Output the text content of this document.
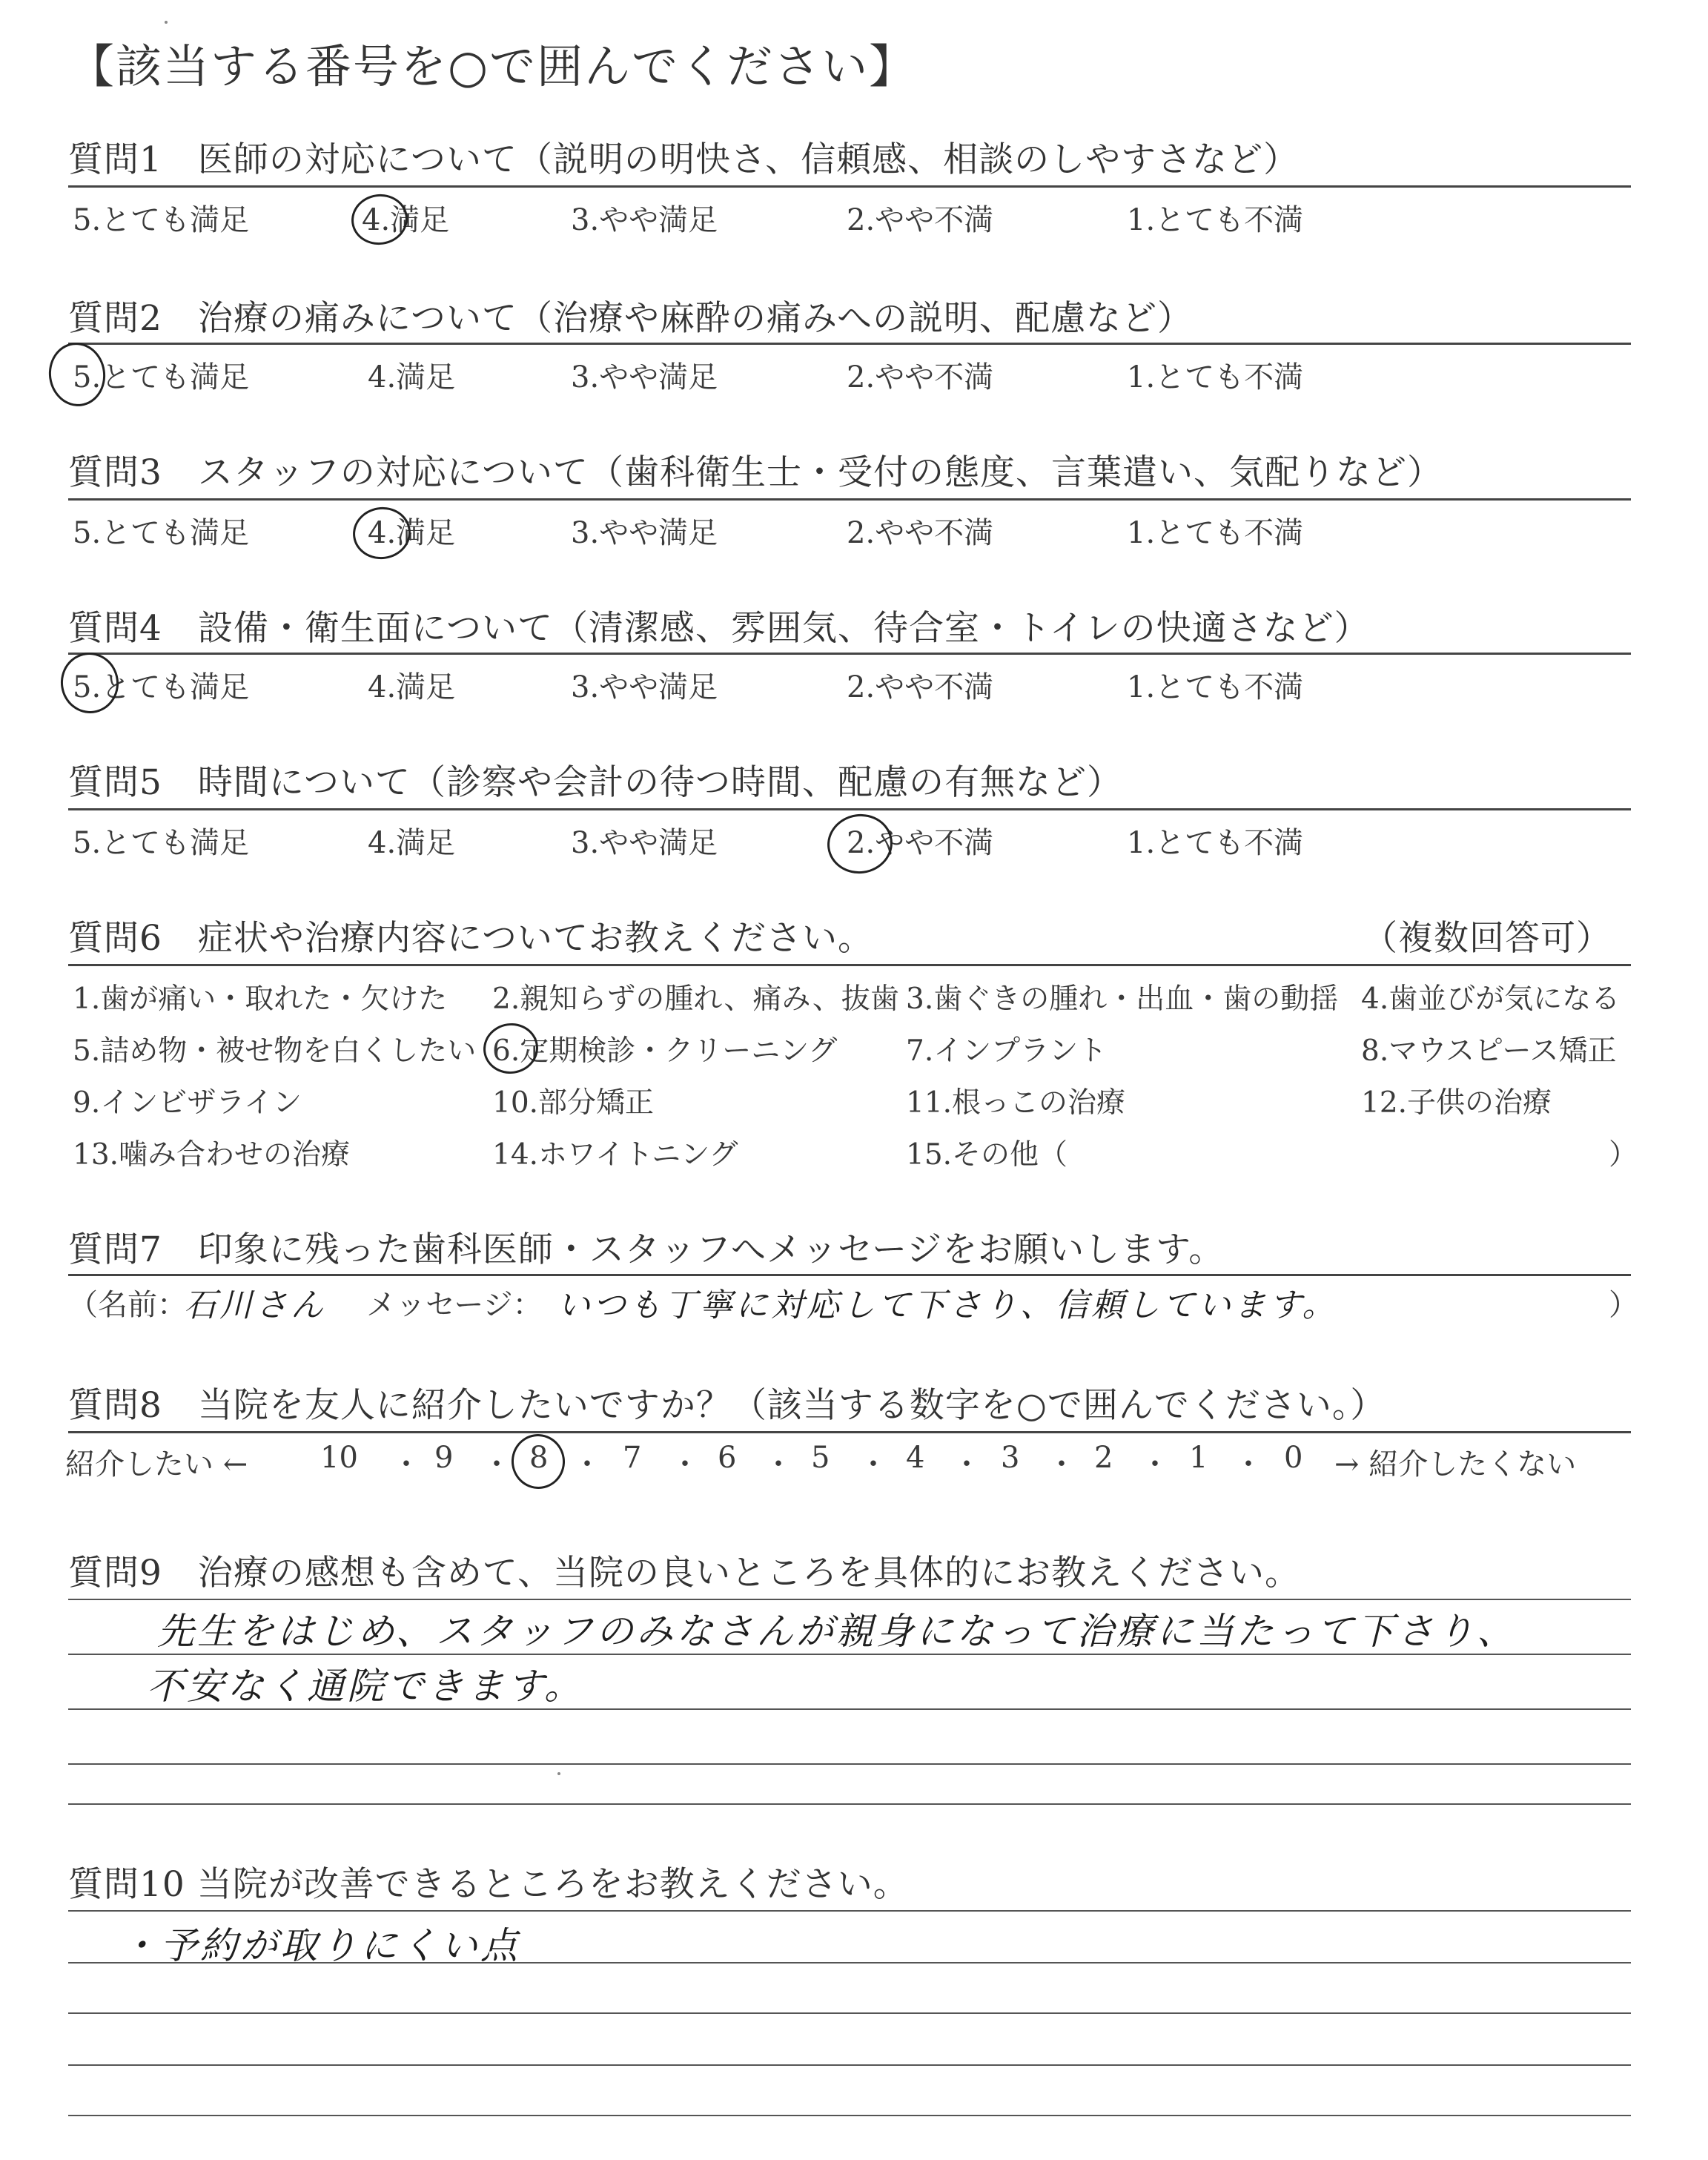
【該当する番号を○で囲んでください】
質問1　医師の対応について（説明の明快さ、信頼感、相談のしやすさなど）
5.とても満足	4.満足	3.やや満足	2.やや不満	1.とても不満
質問2　治療の痛みについて（治療や麻酔の痛みへの説明、配慮など）
5.とても満足	4.満足	3.やや満足	2.やや不満	1.とても不満
質問3　スタッフの対応について（歯科衛生士・受付の態度、言葉遣い、気配りなど）
5.とても満足	4.満足	3.やや満足	2.やや不満	1.とても不満
質問4　設備・衛生面について（清潔感、雰囲気、待合室・トイレの快適さなど）
5.とても満足	4.満足	3.やや満足	2.やや不満	1.とても不満
質問5　時間について（診察や会計の待つ時間、配慮の有無など）
5.とても満足	4.満足	3.やや満足	2.やや不満	1.とても不満
質問6　症状や治療内容についてお教えください。	（複数回答可）
1.歯が痛い・取れた・欠けた 2.親知らずの腫れ、痛み、抜歯 3.歯ぐきの腫れ・出血・歯の動揺 4.歯並びが気になる
5.詰め物・被せ物を白くしたい 6.定期検診・クリーニング 7.インプラント	8.マウスピース矯正
9.インビザライン	10.部分矯正	11.根っこの治療	12.子供の治療
13.噛み合わせの治療	14.ホワイトニング	15.その他（	）
質問7　印象に残った歯科医師・スタッフへメッセージをお願いします。
（名前：
石川さん メッセージ： いつも丁寧に対応して下さり、信頼しています。	）
質問8　当院を友人に紹介したいですか？（該当する数字を○で囲んでください。）
紹介したい ← 10 ・ 9 ・ 8 ・ 7 ・ 6 ・ 5 ・ 4 ・ 3 ・ 2 ・ 1 ・ 0 → 紹介したくない
質問9　治療の感想も含めて、当院の良いところを具体的にお教えください。
先生をはじめ、スタッフのみなさんが親身になって治療に当たって下さり、
不安なく通院できます。
質問10 当院が改善できるところをお教えください。
・予約が取りにくい点
